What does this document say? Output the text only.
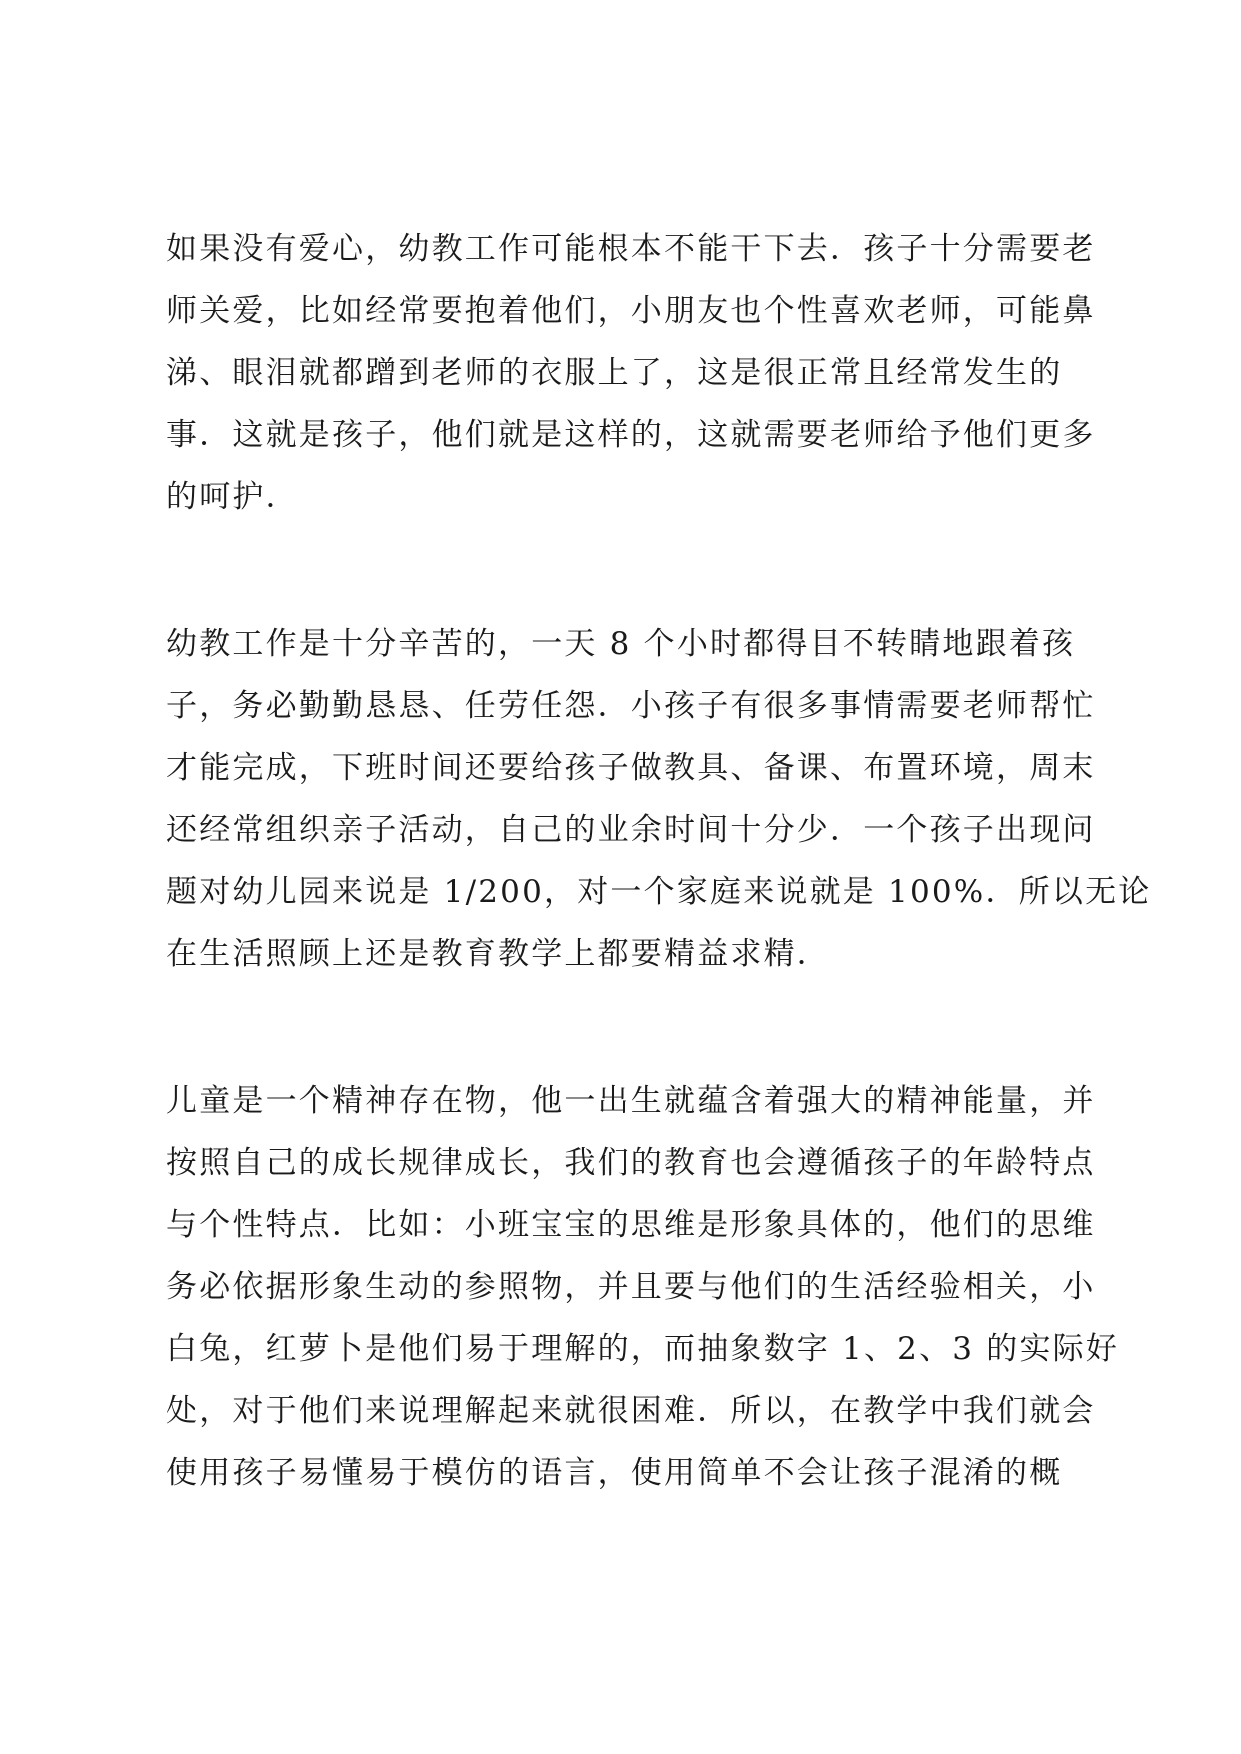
如果没有爱心，幼教工作可能根本不能干下去．孩子十分需要老
师关爱，比如经常要抱着他们，小朋友也个性喜欢老师，可能鼻
涕、眼泪就都蹭到老师的衣服上了，这是很正常且经常发生的
事．这就是孩子，他们就是这样的，这就需要老师给予他们更多
的呵护．
幼教工作是十分辛苦的，一天 8 个小时都得目不转睛地跟着孩
子，务必勤勤恳恳、任劳任怨．小孩子有很多事情需要老师帮忙
才能完成，下班时间还要给孩子做教具、备课、布置环境，周末
还经常组织亲子活动，自己的业余时间十分少．一个孩子出现问
题对幼儿园来说是 1/200，对一个家庭来说就是 100%．所以无论
在生活照顾上还是教育教学上都要精益求精．
儿童是一个精神存在物，他一出生就蕴含着强大的精神能量，并
按照自己的成长规律成长，我们的教育也会遵循孩子的年龄特点
与个性特点．比如：小班宝宝的思维是形象具体的，他们的思维
务必依据形象生动的参照物，并且要与他们的生活经验相关，小
白兔，红萝卜是他们易于理解的，而抽象数字 1、2、3 的实际好
处，对于他们来说理解起来就很困难．所以，在教学中我们就会
使用孩子易懂易于模仿的语言，使用简单不会让孩子混淆的概
